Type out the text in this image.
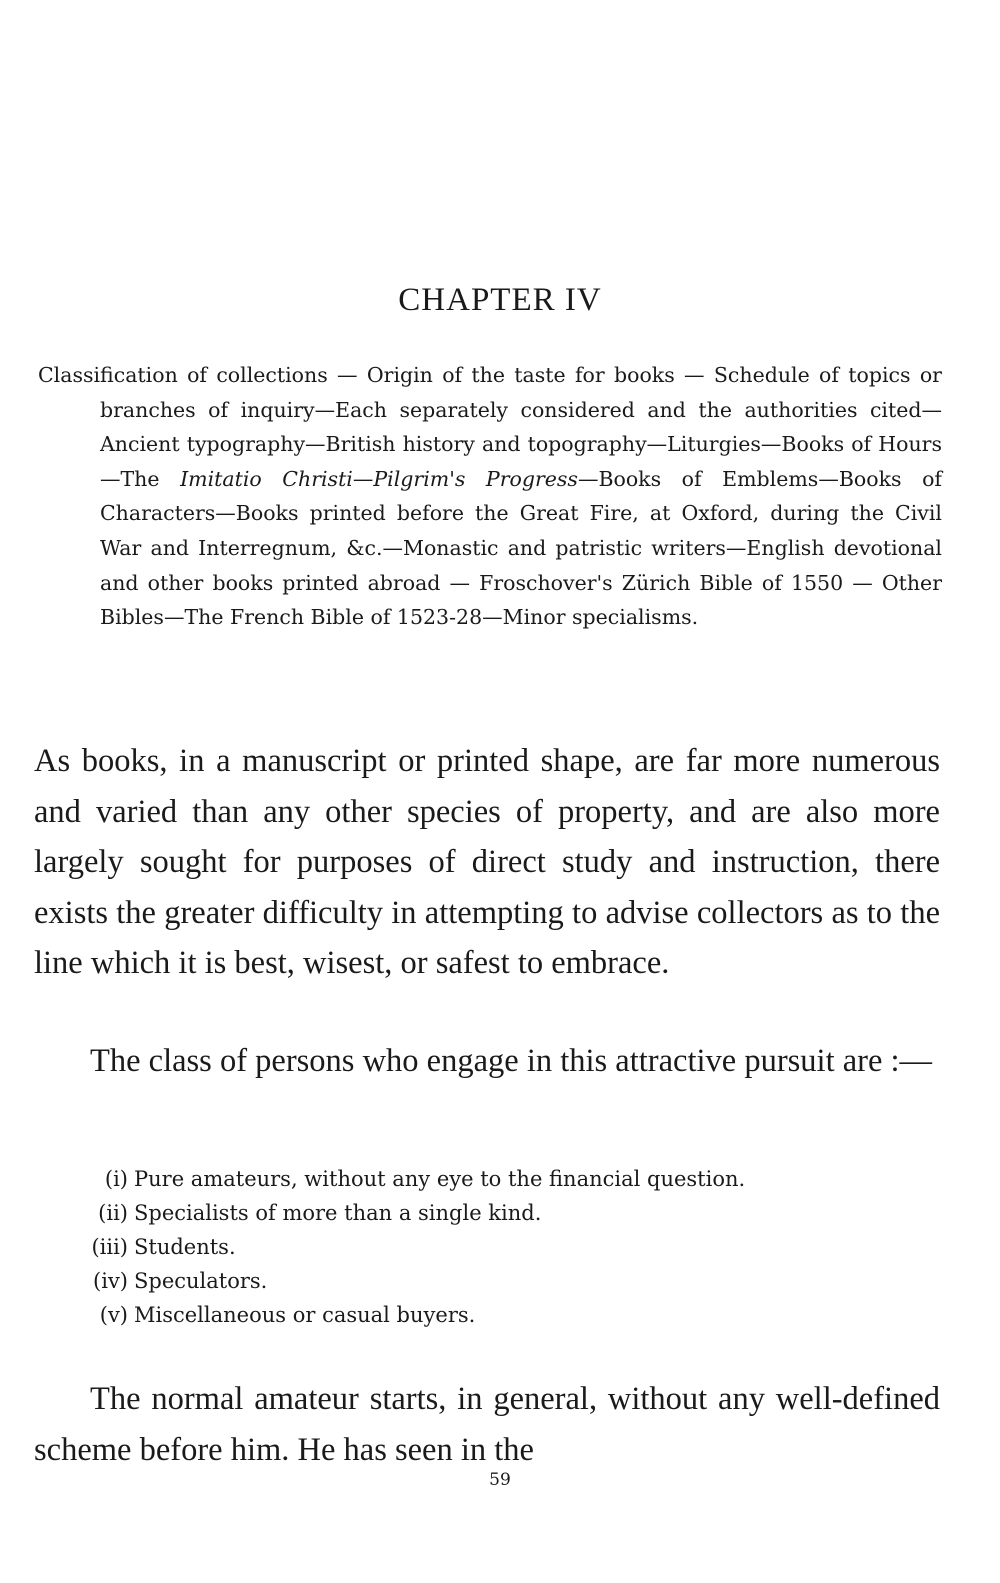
CHAPTER IV

Classification of collections — Origin of the taste for books — Schedule of topics or branches of inquiry—Each separately considered and the authorities cited—Ancient typography—British history and topography—Liturgies—Books of Hours—The Imitatio Christi—Pilgrim's Progress—Books of Emblems—Books of Characters—Books printed before the Great Fire, at Oxford, during the Civil War and Interregnum, &c.—Monastic and patristic writers—English devotional and other books printed abroad — Froschover's Zürich Bible of 1550 — Other Bibles—The French Bible of 1523-28—Minor specialisms.

As books, in a manuscript or printed shape, are far more numerous and varied than any other species of property, and are also more largely sought for purposes of direct study and instruction, there exists the greater difficulty in attempting to advise collectors as to the line which it is best, wisest, or safest to embrace.

The class of persons who engage in this attractive pursuit are :—

(i) Pure amateurs, without any eye to the financial question.
(ii) Specialists of more than a single kind.
(iii) Students.
(iv) Speculators.
(v) Miscellaneous or casual buyers.

The normal amateur starts, in general, without any well-defined scheme before him. He has seen in the

59
